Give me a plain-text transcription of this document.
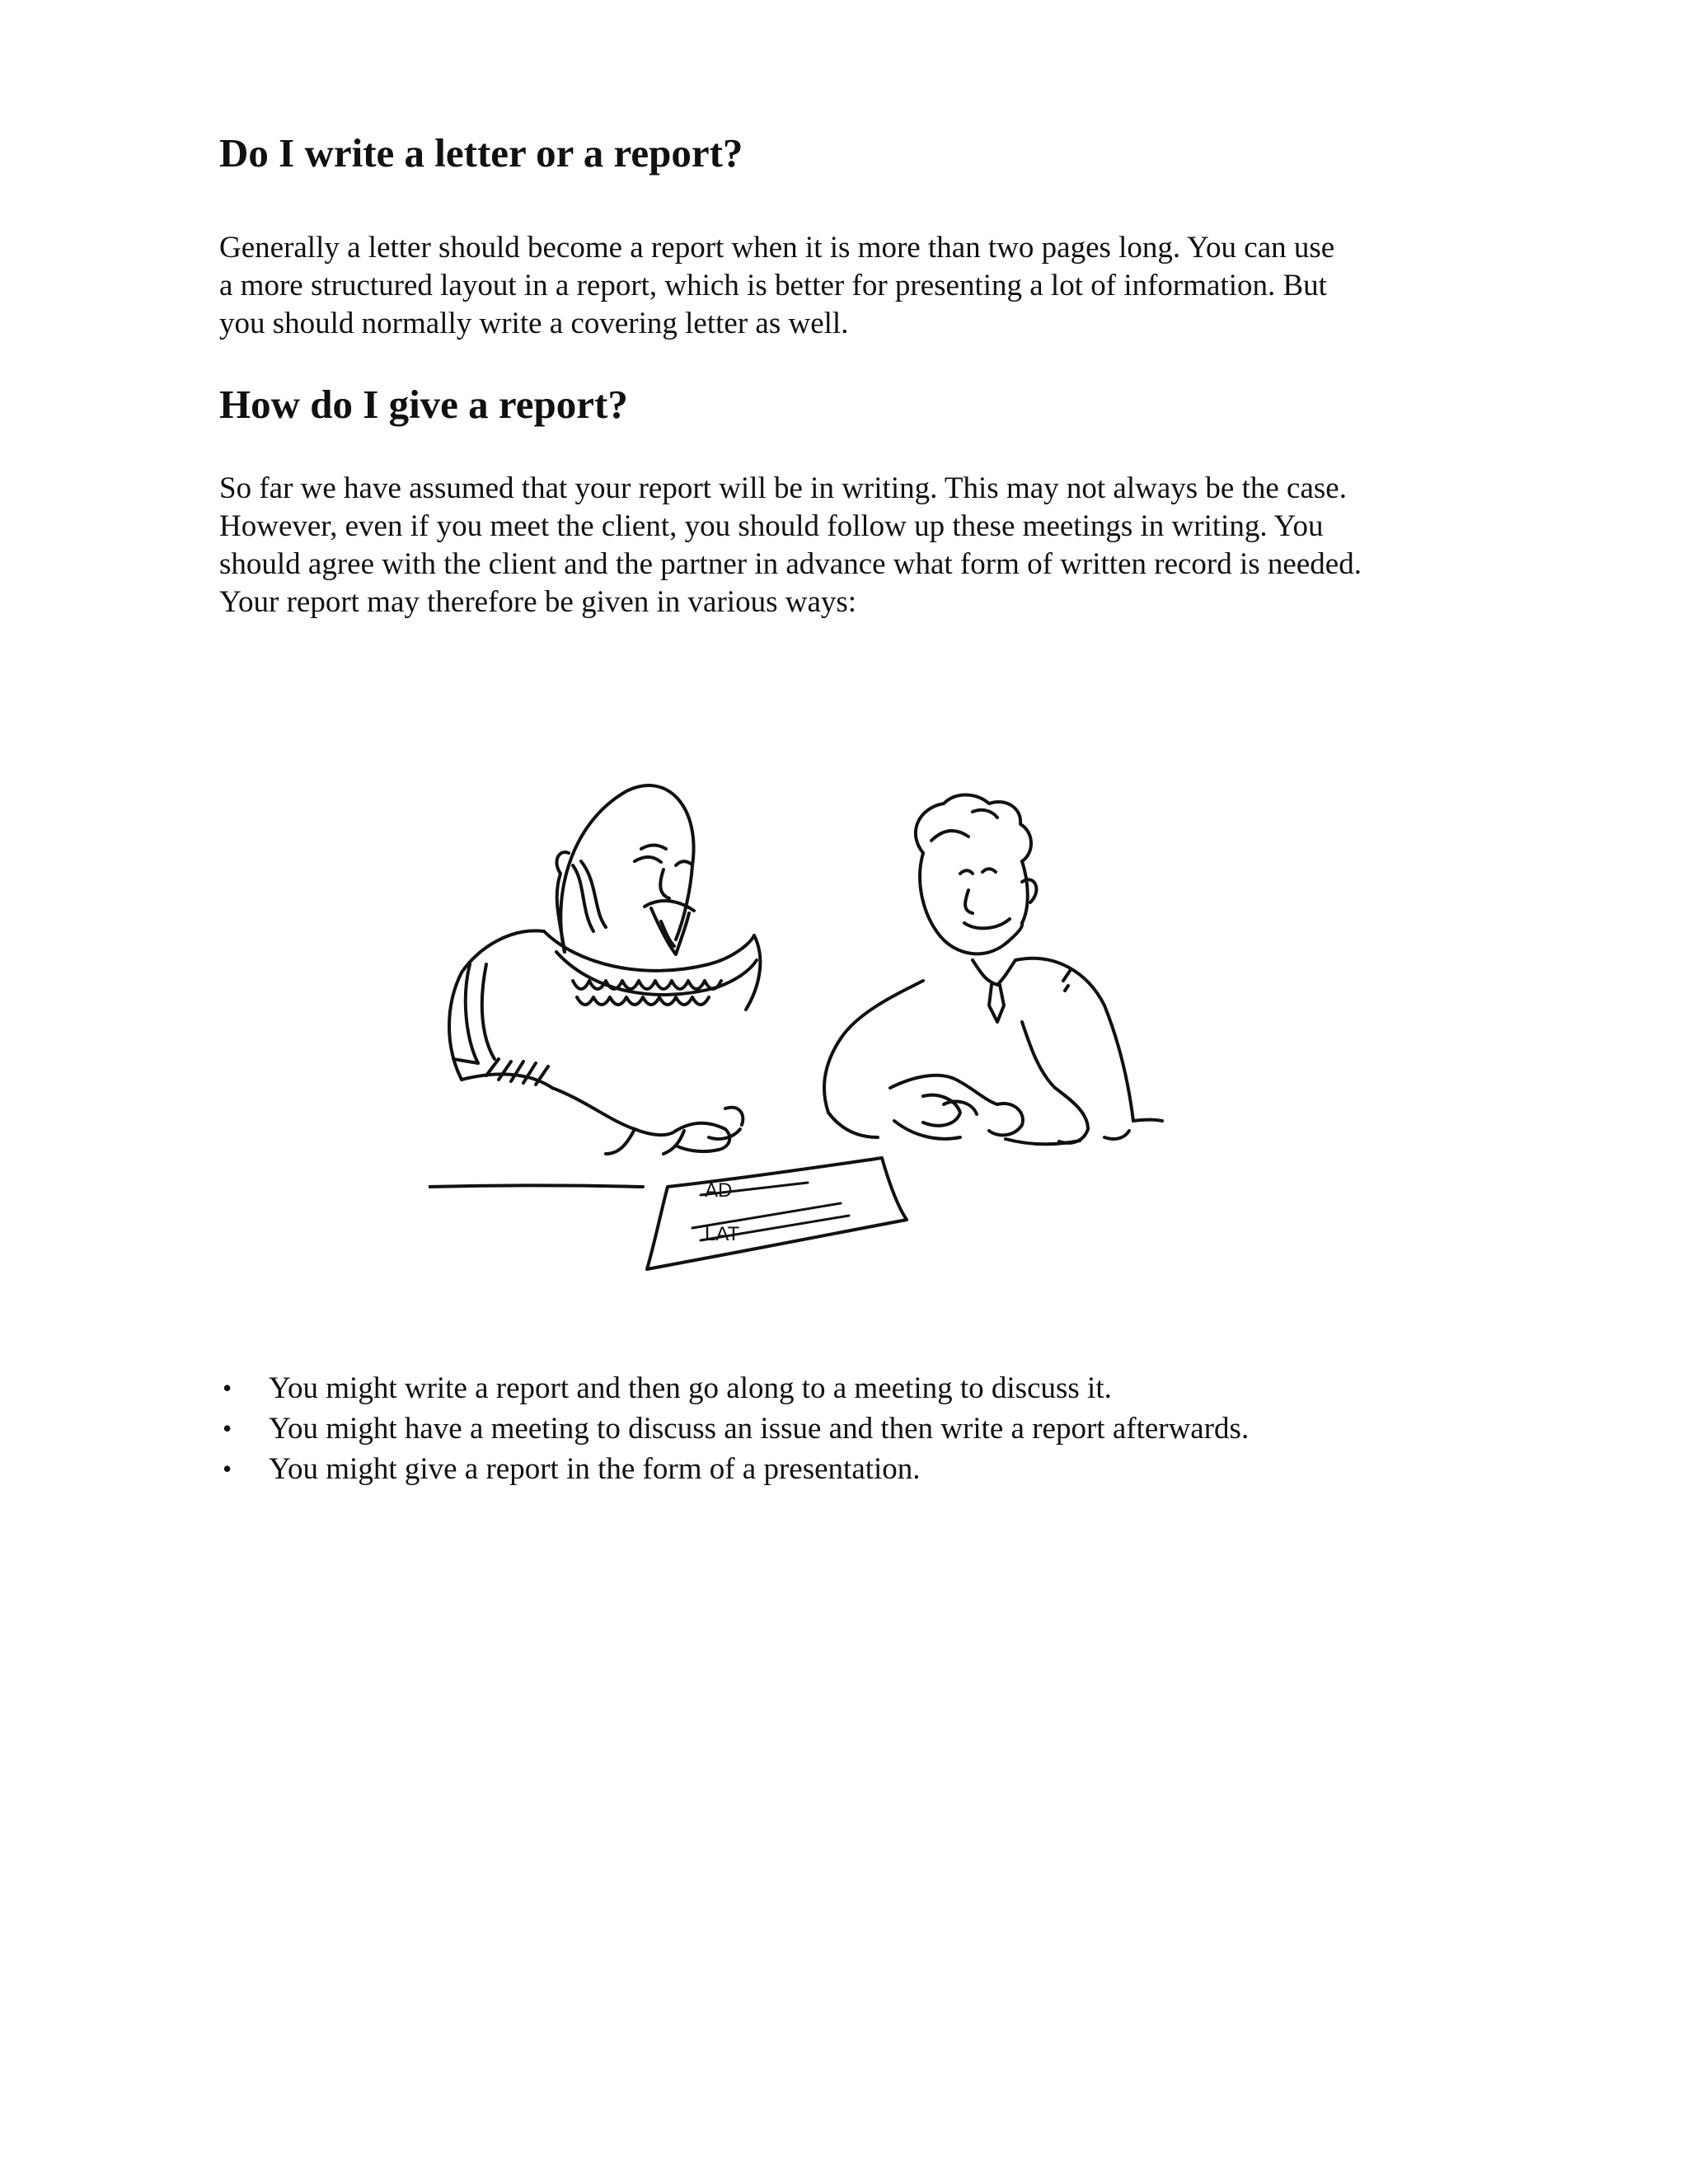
Do I write a letter or a report?

Generally a letter should become a report when it is more than two pages long. You can use
a more structured layout in a report, which is better for presenting a lot of information. But
you should normally write a covering letter as well.

How do I give a report?

So far we have assumed that your report will be in writing. This may not always be the case.
However, even if you meet the client, you should follow up these meetings in writing. You
should agree with the client and the partner in advance what form of written record is needed.
Your report may therefore be given in various ways:

AD
LAT
• You might write a report and then go along to a meeting to discuss it.
• You might have a meeting to discuss an issue and then write a report afterwards.
• You might give a report in the form of a presentation.
